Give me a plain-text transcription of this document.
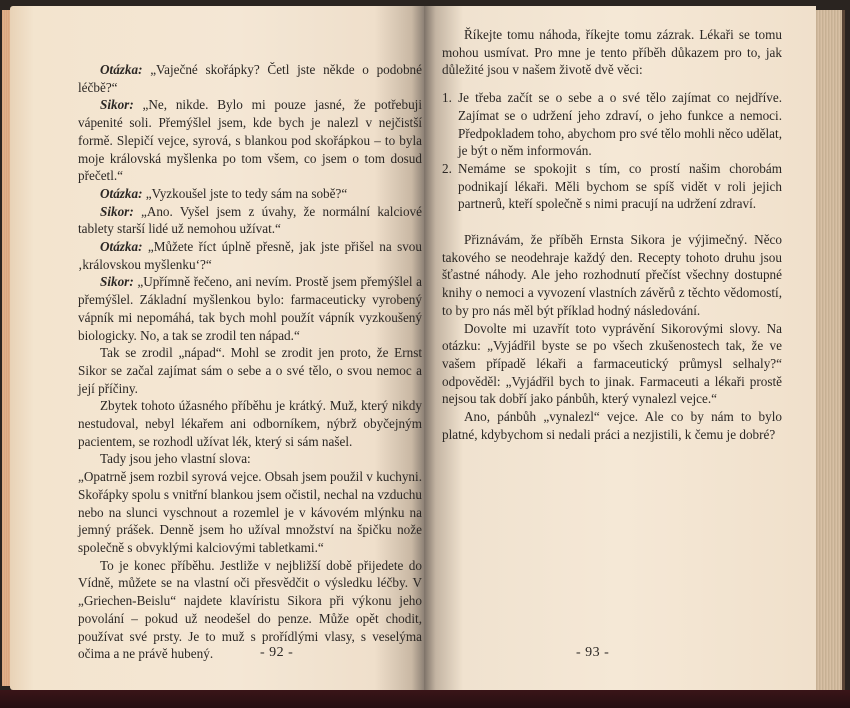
Otázka: „Vaječné skořápky? Četl jste někde o podobné léčbě?“

Sikor: „Ne, nikde. Bylo mi pouze jasné, že potřebuji vápenité soli. Přemýšlel jsem, kde bych je nalezl v nejčistší formě. Slepičí vejce, syrová, s blankou pod skořápkou – to byla moje královská myšlenka po tom všem, co jsem o tom dosud přečetl.“

Otázka: „Vyzkoušel jste to tedy sám na sobě?“

Sikor: „Ano. Vyšel jsem z úvahy, že normální kalciové tablety starší lidé už nemohou užívat.“

Otázka: „Můžete říct úplně přesně, jak jste přišel na svou ‚královskou myšlenku‘?“

Sikor: „Upřímně řečeno, ani nevím. Prostě jsem přemýšlel a přemýšlel. Základní myšlenkou bylo: farmaceuticky vyrobený vápník mi nepomáhá, tak bych mohl použít vápník vyzkoušený biologicky. No, a tak se zrodil ten nápad.“

Tak se zrodil „nápad“. Mohl se zrodit jen proto, že Ernst Sikor se začal zajímat sám o sebe a o své tělo, o svou nemoc a její příčiny.

Zbytek tohoto úžasného příběhu je krátký. Muž, který nikdy nestudoval, nebyl lékařem ani odborníkem, nýbrž obyčejným pacientem, se rozhodl užívat lék, který si sám našel.

Tady jsou jeho vlastní slova:

„Opatrně jsem rozbil syrová vejce. Obsah jsem použil v kuchyni. Skořápky spolu s vnitřní blankou jsem očistil, nechal na vzduchu nebo na slunci vyschnout a rozemlel je v kávovém mlýnku na jemný prášek. Denně jsem ho užíval množství na špičku nože společně s obvyklými kalciovými tabletkami.“

To je konec příběhu. Jestliže v nejbližší době přijedete do Vídně, můžete se na vlastní oči přesvědčit o výsledku léčby. V „Griechen-Beislu“ najdete klavíristu Sikora při výkonu jeho povolání – pokud už neodešel do penze. Může opět chodit, používat své prsty. Je to muž s prořídlými vlasy, s veselýma očima a ne právě hubený.	- 92 -

Říkejte tomu náhoda, říkejte tomu zázrak. Lékaři se tomu mohou usmívat. Pro mne je tento příběh důkazem pro to, jak důležité jsou v našem životě dvě věci:

1. Je třeba začít se o sebe a o své tělo zajímat co nejdříve. Zajímat se o udržení jeho zdraví, o jeho funkce a nemoci. Předpokladem toho, abychom pro své tělo mohli něco udělat, je být o něm informován.
2. Nemáme se spokojit s tím, co prostí našim chorobám podnikají lékaři. Měli bychom se spíš vidět v roli jejich partnerů, kteří společně s nimi pracují na udržení zdraví.

Přiznávám, že příběh Ernsta Sikora je výjimečný. Něco takového se neodehraje každý den. Recepty tohoto druhu jsou šťastné náhody. Ale jeho rozhodnutí přečíst všechny dostupné knihy o nemoci a vyvození vlastních závěrů z těchto vědomostí, to by pro nás měl být příklad hodný následování.

Dovolte mi uzavřít toto vyprávění Sikorovými slovy. Na otázku: „Vyjádřil byste se po všech zkušenostech tak, že ve vašem případě lékaři a farmaceutický průmysl selhaly?“ odpověděl: „Vyjádřil bych to jinak. Farmaceuti a lékaři prostě nejsou tak dobří jako pánbůh, který vynalezl vejce.“

Ano, pánbůh „vynalezl“ vejce. Ale co by nám to bylo platné, kdybychom si nedali práci a nezjistili, k čemu je dobré?

- 93 -
